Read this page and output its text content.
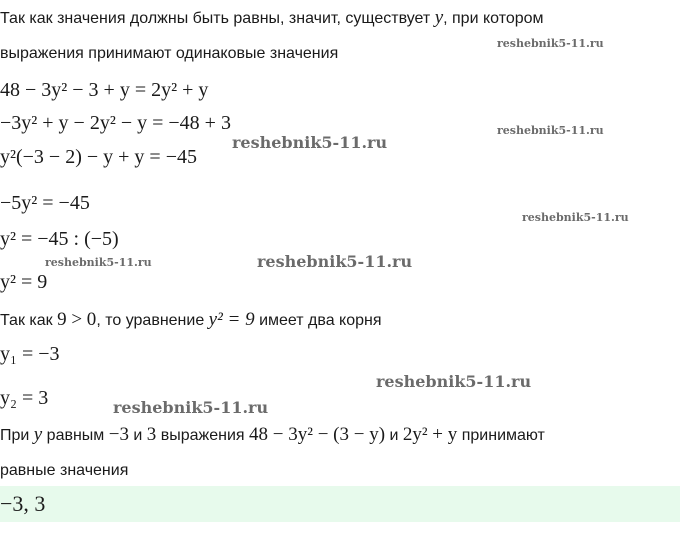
Так как значения должны быть равны, значит, существует y, при котором
выражения принимают одинаковые значения
48 − 3y² − 3 + y = 2y² + y
−3y² + y − 2y² − y = −48 + 3
y²(−3 − 2) − y + y = −45
−5y² = −45
y² = −45 : (−5)
y² = 9
Так как 9 > 0, то уравнение y² = 9 имеет два корня
y₁ = −3
y₂ = 3
При y равным −3 и 3 выражения 48 − 3y² − (3 − y) и 2y² + y принимают
равные значения
−3, 3
reshebnik5-11.ru
reshebnik5-11.ru
reshebnik5-11.ru
reshebnik5-11.ru
reshebnik5-11.ru	reshebnik5-11.ru
reshebnik5-11.ru
reshebnik5-11.ru
